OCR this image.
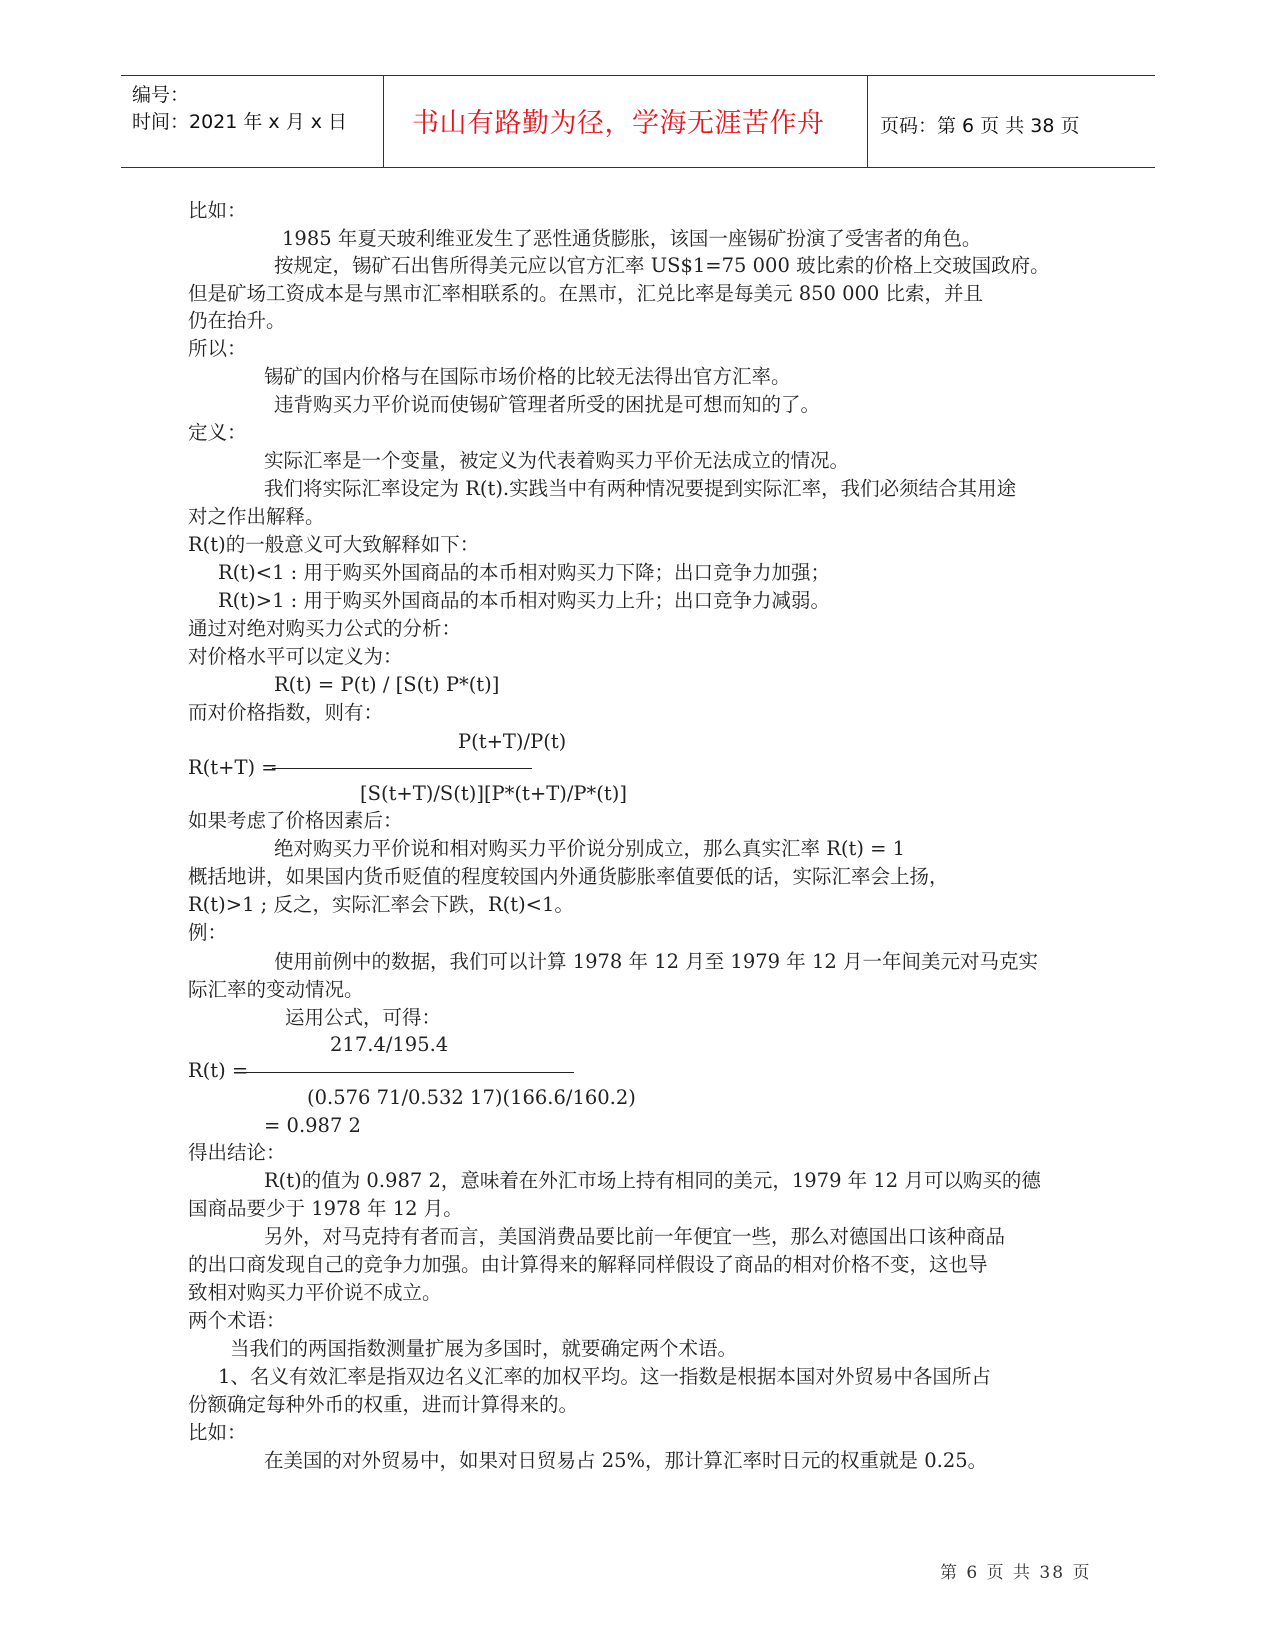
编号：
时间：2021 年 x 月 x 日 书山有路勤为径，学海无涯苦作舟	页码：第 6 页 共 38 页
比如：
1985 年夏天玻利维亚发生了恶性通货膨胀，该国一座锡矿扮演了受害者的角色。
按规定，锡矿石出售所得美元应以官方汇率 US$1=75 000 玻比索的价格上交玻国政府。
但是矿场工资成本是与黑市汇率相联系的。在黑市，汇兑比率是每美元 850 000 比索，并且
仍在抬升。
所以：
锡矿的国内价格与在国际市场价格的比较无法得出官方汇率。
违背购买力平价说而使锡矿管理者所受的困扰是可想而知的了。
定义：
实际汇率是一个变量，被定义为代表着购买力平价无法成立的情况。
我们将实际汇率设定为 R(t).实践当中有两种情况要提到实际汇率，我们必须结合其用途
对之作出解释。
R(t)的一般意义可大致解释如下：
R(t)<1 : 用于购买外国商品的本币相对购买力下降；出口竞争力加强；
R(t)>1 : 用于购买外国商品的本币相对购买力上升；出口竞争力减弱。
通过对绝对购买力公式的分析：
对价格水平可以定义为：
R(t) = P(t) / [S(t) P*(t)]
而对价格指数，则有：
P(t+T)/P(t)
R(t+T) =
[S(t+T)/S(t)][P*(t+T)/P*(t)]
如果考虑了价格因素后：
绝对购买力平价说和相对购买力平价说分别成立，那么真实汇率 R(t) = 1
概括地讲，如果国内货币贬值的程度较国内外通货膨胀率值要低的话，实际汇率会上扬，
R(t)>1 ; 反之，实际汇率会下跌，R(t)<1。
例：
使用前例中的数据，我们可以计算 1978 年 12 月至 1979 年 12 月一年间美元对马克实
际汇率的变动情况。
运用公式，可得：
217.4/195.4
R(t) =
(0.576 71/0.532 17)(166.6/160.2)
= 0.987 2
得出结论：
R(t)的值为 0.987 2，意味着在外汇市场上持有相同的美元，1979 年 12 月可以购买的德
国商品要少于 1978 年 12 月。
另外，对马克持有者而言，美国消费品要比前一年便宜一些，那么对德国出口该种商品
的出口商发现自己的竞争力加强。由计算得来的解释同样假设了商品的相对价格不变，这也导
致相对购买力平价说不成立。
两个术语：
当我们的两国指数测量扩展为多国时，就要确定两个术语。
1、名义有效汇率是指双边名义汇率的加权平均。这一指数是根据本国对外贸易中各国所占
份额确定每种外币的权重，进而计算得来的。
比如：
在美国的对外贸易中，如果对日贸易占 25%，那计算汇率时日元的权重就是 0.25。
第 6 页 共 38 页
